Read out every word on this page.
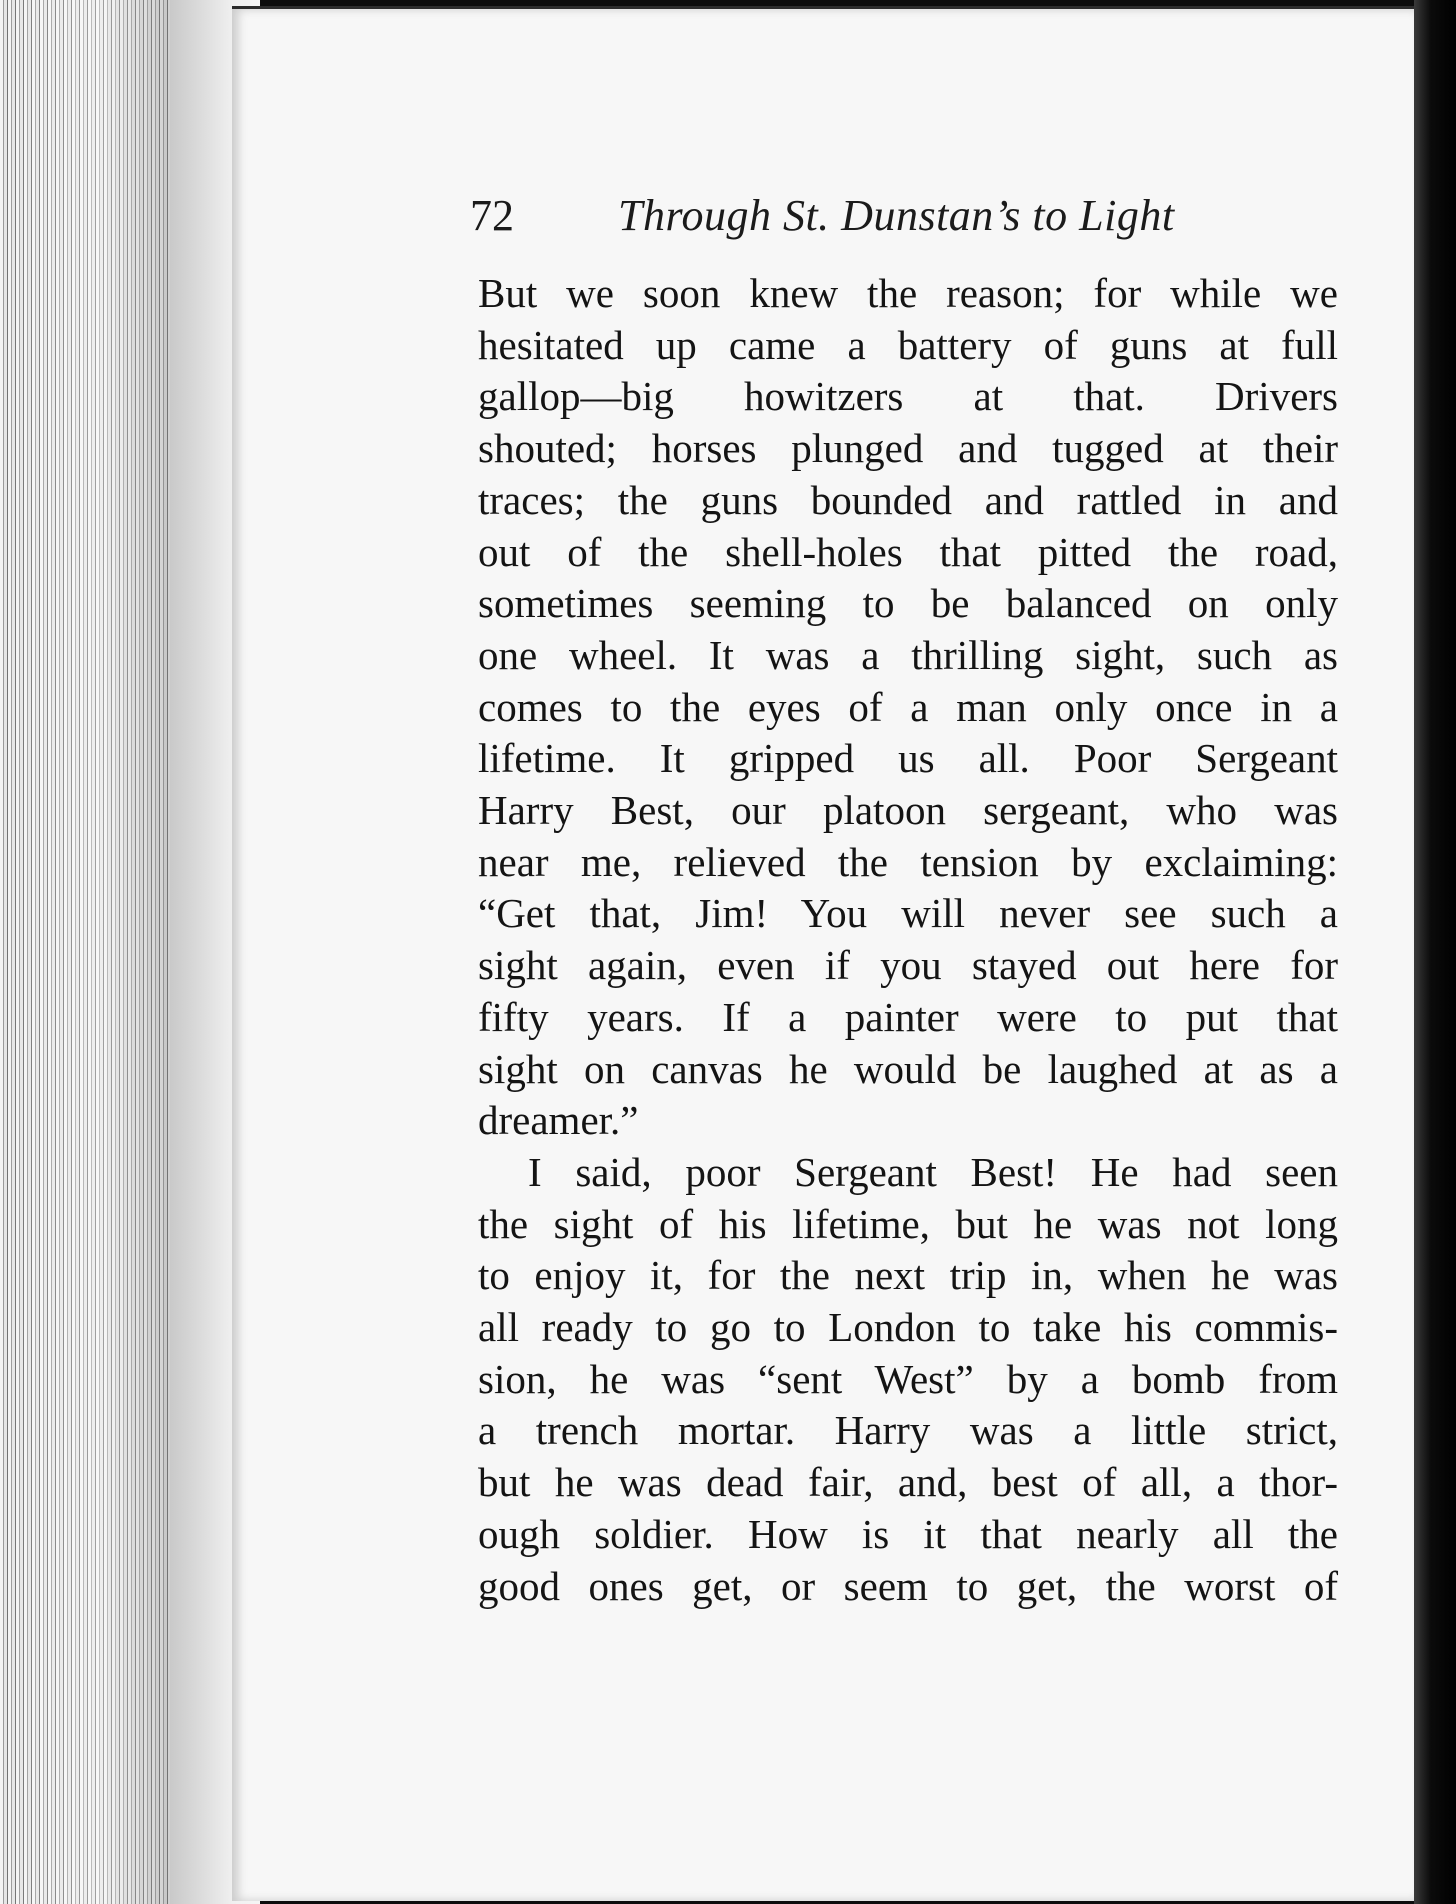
72 Through St. Dunstan’s to Light
But we soon knew the reason; for while we
hesitated up came a battery of guns at full
gallop—big howitzers at that. Drivers
shouted; horses plunged and tugged at their
traces; the guns bounded and rattled in and
out of the shell-holes that pitted the road,
sometimes seeming to be balanced on only
one wheel. It was a thrilling sight, such as
comes to the eyes of a man only once in a
lifetime. It gripped us all. Poor Sergeant
Harry Best, our platoon sergeant, who was
near me, relieved the tension by exclaiming:
“Get that, Jim! You will never see such a
sight again, even if you stayed out here for
fifty years. If a painter were to put that
sight on canvas he would be laughed at as a
dreamer.”
I said, poor Sergeant Best! He had seen
the sight of his lifetime, but he was not long
to enjoy it, for the next trip in, when he was
all ready to go to London to take his commis-
sion, he was “sent West” by a bomb from
a trench mortar. Harry was a little strict,
but he was dead fair, and, best of all, a thor-
ough soldier. How is it that nearly all the
good ones get, or seem to get, the worst of
